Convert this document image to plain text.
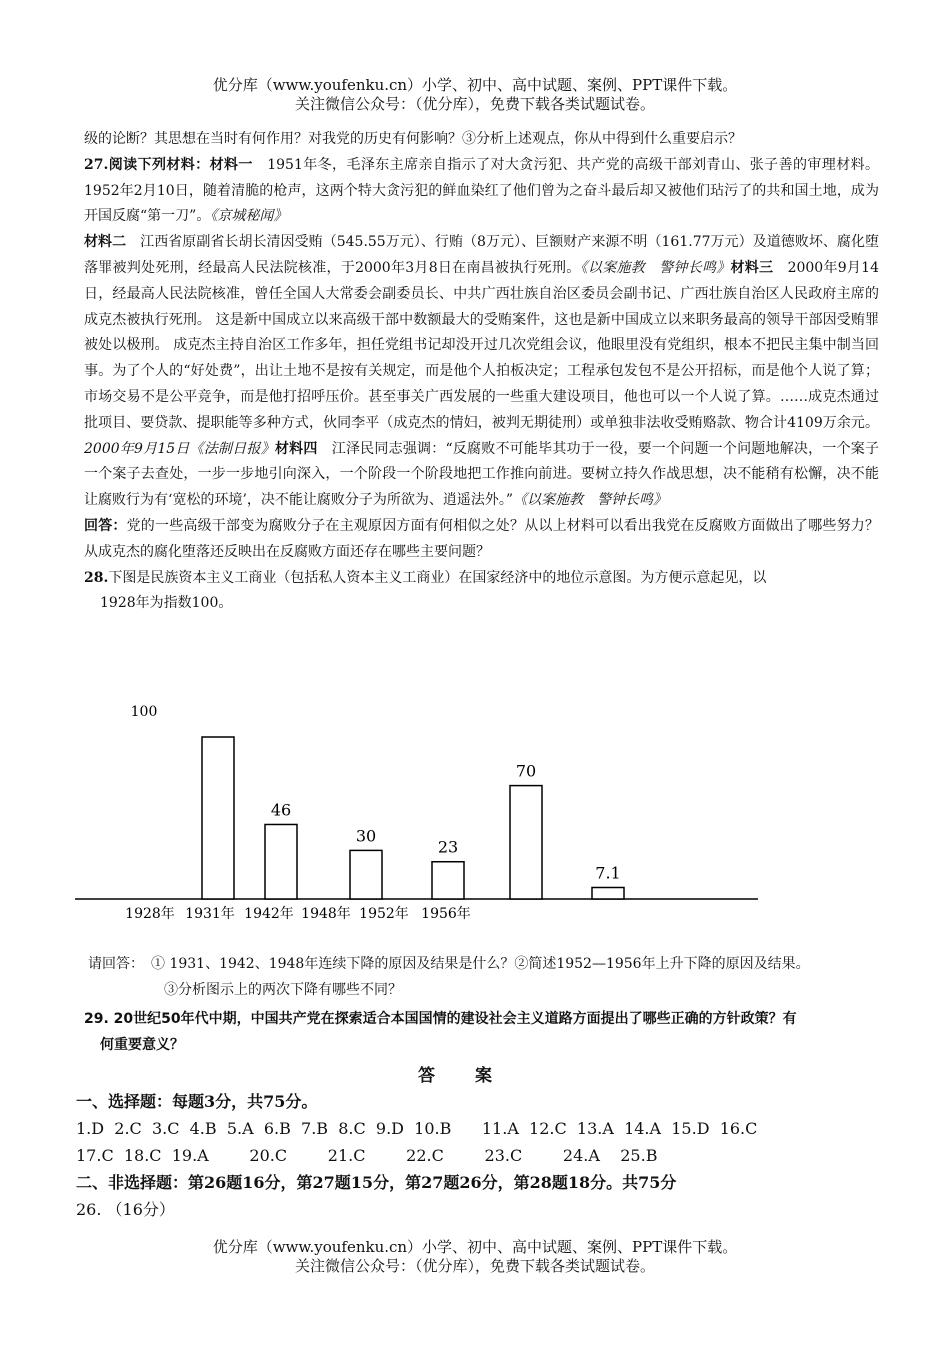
优分库（www.youfenku.cn）小学、初中、高中试题、案例、PPT课件下载。
关注微信公众号：（优分库），免费下载各类试题试卷。

级的论断？其思想在当时有何作用？对我党的历史有何影响？③分析上述观点，你从中得到什么重要启示？

27.阅读下列材料：材料一　1951年冬，毛泽东主席亲自指示了对大贪污犯、共产党的高级干部刘青山、张子善的审理材料。1952年2月10日，随着清脆的枪声，这两个特大贪污犯的鲜血染红了他们曾为之奋斗最后却又被他们玷污了的共和国土地，成为开国反腐“第一刀”。《京城秘闻》

材料二　江西省原副省长胡长清因受贿（545.55万元）、行贿（8万元）、巨额财产来源不明（161.77万元）及道德败坏、腐化堕落罪被判处死刑，经最高人民法院核准，于2000年3月8日在南昌被执行死刑。《以案施教　警钟长鸣》材料三　2000年9月14日，经最高人民法院核准，曾任全国人大常委会副委员长、中共广西壮族自治区委员会副书记、广西壮族自治区人民政府主席的成克杰被执行死刑。 这是新中国成立以来高级干部中数额最大的受贿案件，这也是新中国成立以来职务最高的领导干部因受贿罪被处以极刑。 成克杰主持自治区工作多年，担任党组书记却没开过几次党组会议，他眼里没有党组织，根本不把民主集中制当回事。为了个人的“好处费”，出让土地不是按有关规定，而是他个人拍板决定；工程承包发包不是公开招标，而是他个人说了算；市场交易不是公平竞争，而是他打招呼压价。甚至事关广西发展的一些重大建设项目，他也可以一个人说了算。……成克杰通过批项目、要贷款、提职能等多种方式，伙同李平（成克杰的情妇，被判无期徒刑）或单独非法收受贿赂款、物合计4109万余元。2000年9月15日《法制日报》材料四　江泽民同志强调：“反腐败不可能毕其功于一役，要一个问题一个问题地解决，一个案子一个案子去查处，一步一步地引向深入，一个阶段一个阶段地把工作推向前进。要树立持久作战思想，决不能稍有松懈，决不能让腐败行为有‘宽松的环境’，决不能让腐败分子为所欲为、逍遥法外。”《以案施教　警钟长鸣》

回答：党的一些高级干部变为腐败分子在主观原因方面有何相似之处？从以上材料可以看出我党在反腐败方面做出了哪些努力？从成克杰的腐化堕落还反映出在反腐败方面还存在哪些主要问题？

28.下图是民族资本主义工商业（包括私人资本主义工商业）在国家经济中的地位示意图。为方便示意起见，以

1928年为指数100。

100
46
30
23
70
7.1
1928年 1931年 1942年 1948年 1952年 1956年
请回答：　① 1931、1942、1948年连续下降的原因及结果是什么？②简述1952—1956年上升下降的原因及结果。
③分析图示上的两次下降有哪些不同？
29. 20世纪50年代中期，中国共产党在探索适合本国国情的建设社会主义道路方面提出了哪些正确的方针政策？有
何重要意义？
答案

一、选择题：每题3分，共75分。

1.D  2.C  3.C  4.B  5.A  6.B  7.B  8.C  9.D  10.B      11.A  12.C  13.A  14.A  15.D  16.C

17.C  18.C  19.A        20.C        21.C        22.C        23.C        24.A    25.B

二、非选择题：第26题16分，第27题15分，第27题26分，第28题18分。共75分

26. （16分）

优分库（www.youfenku.cn）小学、初中、高中试题、案例、PPT课件下载。
关注微信公众号：（优分库），免费下载各类试题试卷。
